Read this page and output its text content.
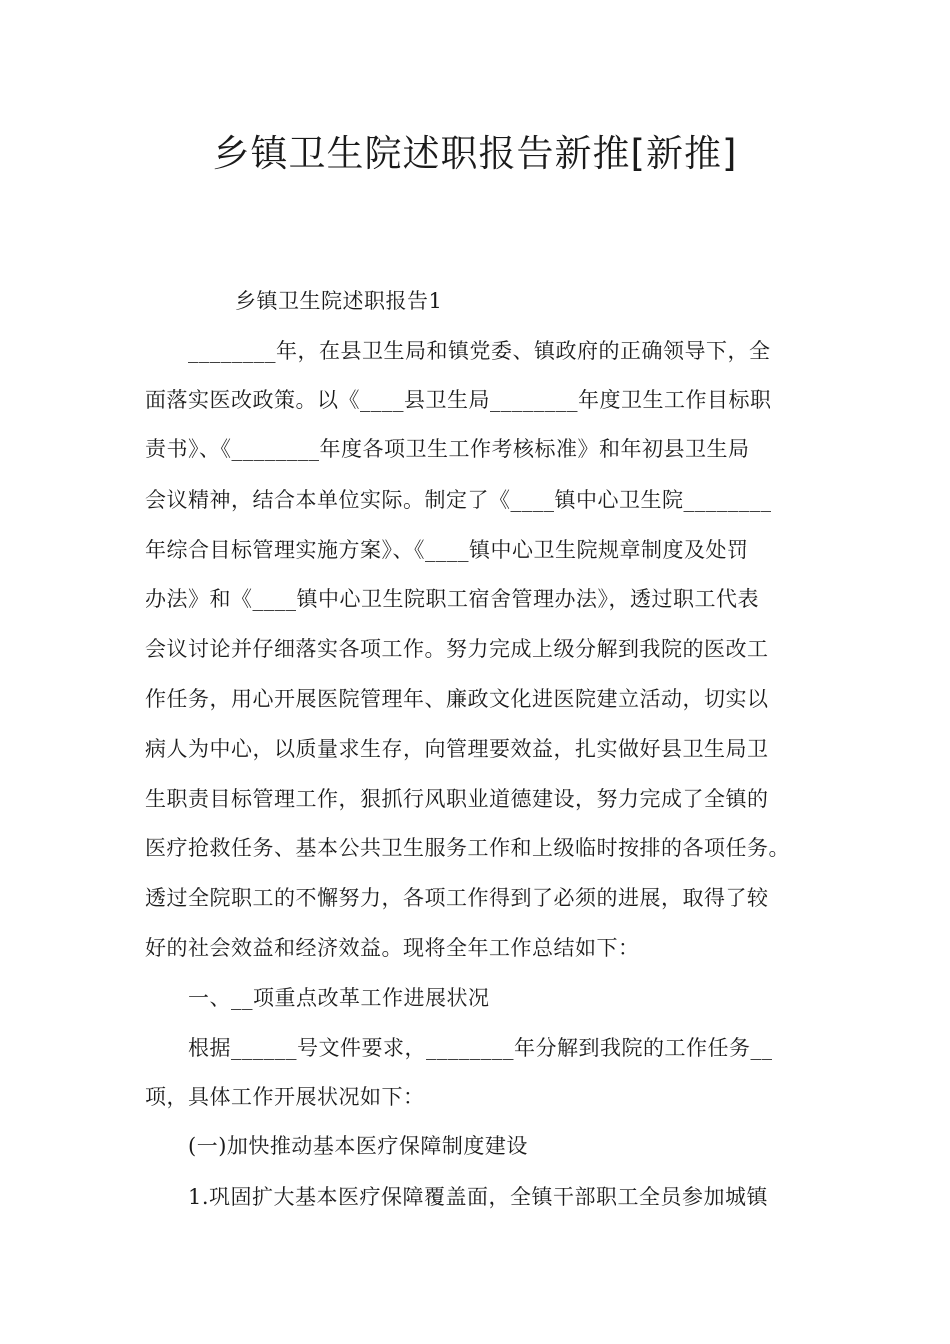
乡镇卫生院述职报告新推[新推]
乡镇卫生院述职报告1
________年，在县卫生局和镇党委、镇政府的正确领导下，全
面落实医改政策。以《____县卫生局________年度卫生工作目标职
责书》、《________年度各项卫生工作考核标准》和年初县卫生局
会议精神，结合本单位实际。制定了《____镇中心卫生院________
年综合目标管理实施方案》、《____镇中心卫生院规章制度及处罚
办法》和《____镇中心卫生院职工宿舍管理办法》，透过职工代表
会议讨论并仔细落实各项工作。努力完成上级分解到我院的医改工
作任务，用心开展医院管理年、廉政文化进医院建立活动，切实以
病人为中心，以质量求生存，向管理要效益，扎实做好县卫生局卫
生职责目标管理工作，狠抓行风职业道德建设，努力完成了全镇的
医疗抢救任务、基本公共卫生服务工作和上级临时按排的各项任务。
透过全院职工的不懈努力，各项工作得到了必须的进展，取得了较
好的社会效益和经济效益。现将全年工作总结如下：
一、__项重点改革工作进展状况
根据______号文件要求，________年分解到我院的工作任务__
项，具体工作开展状况如下：
(一)加快推动基本医疗保障制度建设
1.巩固扩大基本医疗保障覆盖面，全镇干部职工全员参加城镇
